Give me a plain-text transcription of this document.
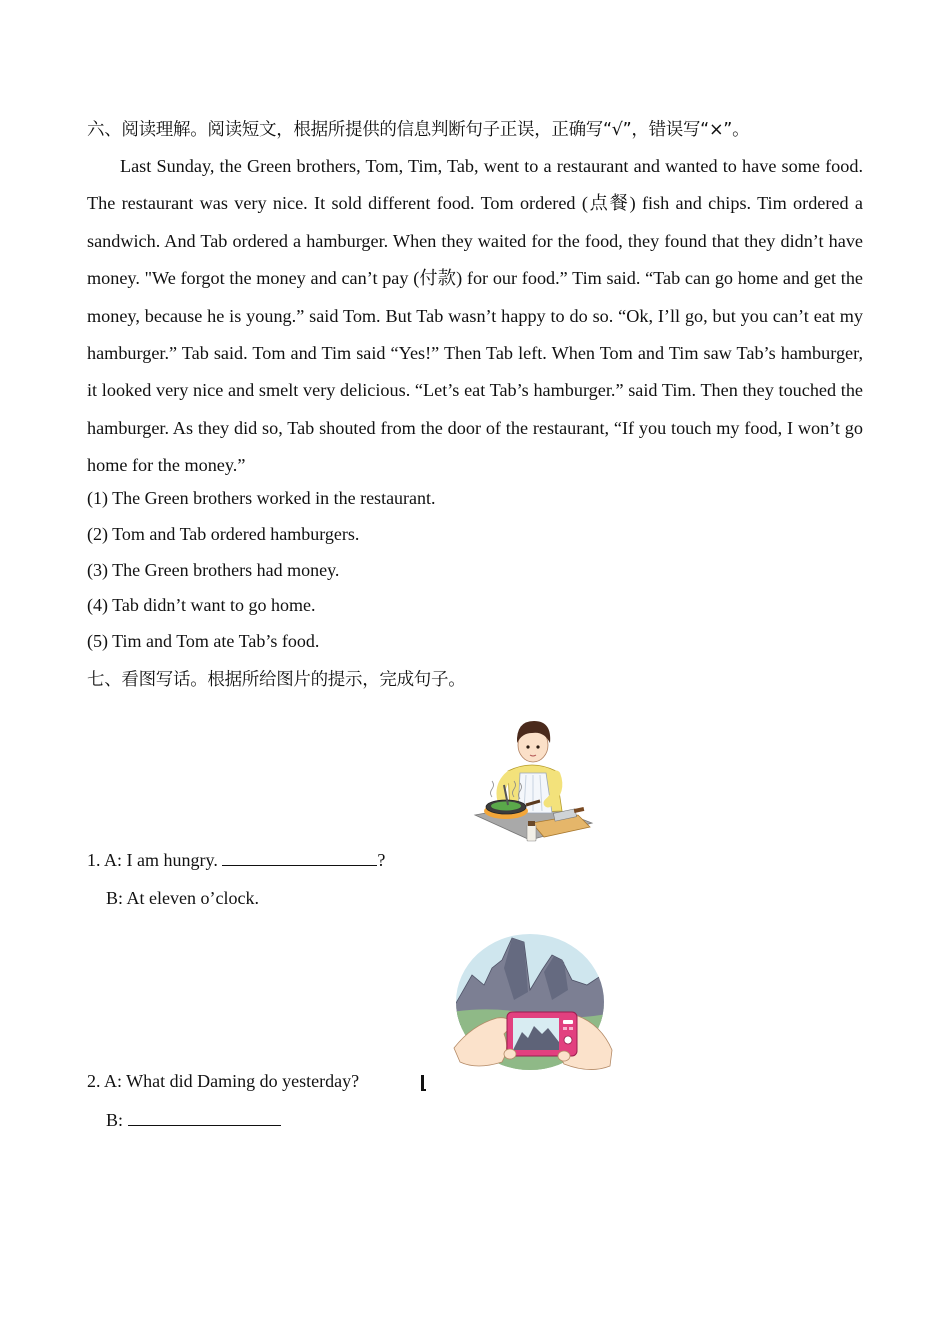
六、阅读理解。阅读短文，根据所提供的信息判断句子正误，正确写“√”，错误写“×”。

Last Sunday, the Green brothers, Tom, Tim, Tab, went to a restaurant and wanted to have some food. The restaurant was very nice. It sold different food. Tom ordered (点餐) fish and chips. Tim ordered a sandwich. And Tab ordered a hamburger. When they waited for the food, they found that they didn’t have money. "We forgot the money and can’t pay (付款) for our food.” Tim said. “Tab can go home and get the money, because he is young.” said Tom. But Tab wasn’t happy to do so. “Ok, I’ll go, but you can’t eat my hamburger.” Tab said. Tom and Tim said “Yes!” Then Tab left. When Tom and Tim saw Tab’s hamburger, it looked very nice and smelt very delicious. “Let’s eat Tab’s hamburger.” said Tim. Then they touched the hamburger. As they did so, Tab shouted from the door of the restaurant, “If you touch my food, I won’t go home for the money.”

(1) The Green brothers worked in the restaurant.
(2) Tom and Tab ordered hamburgers.
(3) The Green brothers had money.
(4) Tab didn’t want to go home.
(5) Tim and Tom ate Tab’s food.
七、看图写话。根据所给图片的提示，完成句子。
1. A: I am hungry.	?
B: At eleven o’clock.
2. A: What did Daming do yesterday?
B:
